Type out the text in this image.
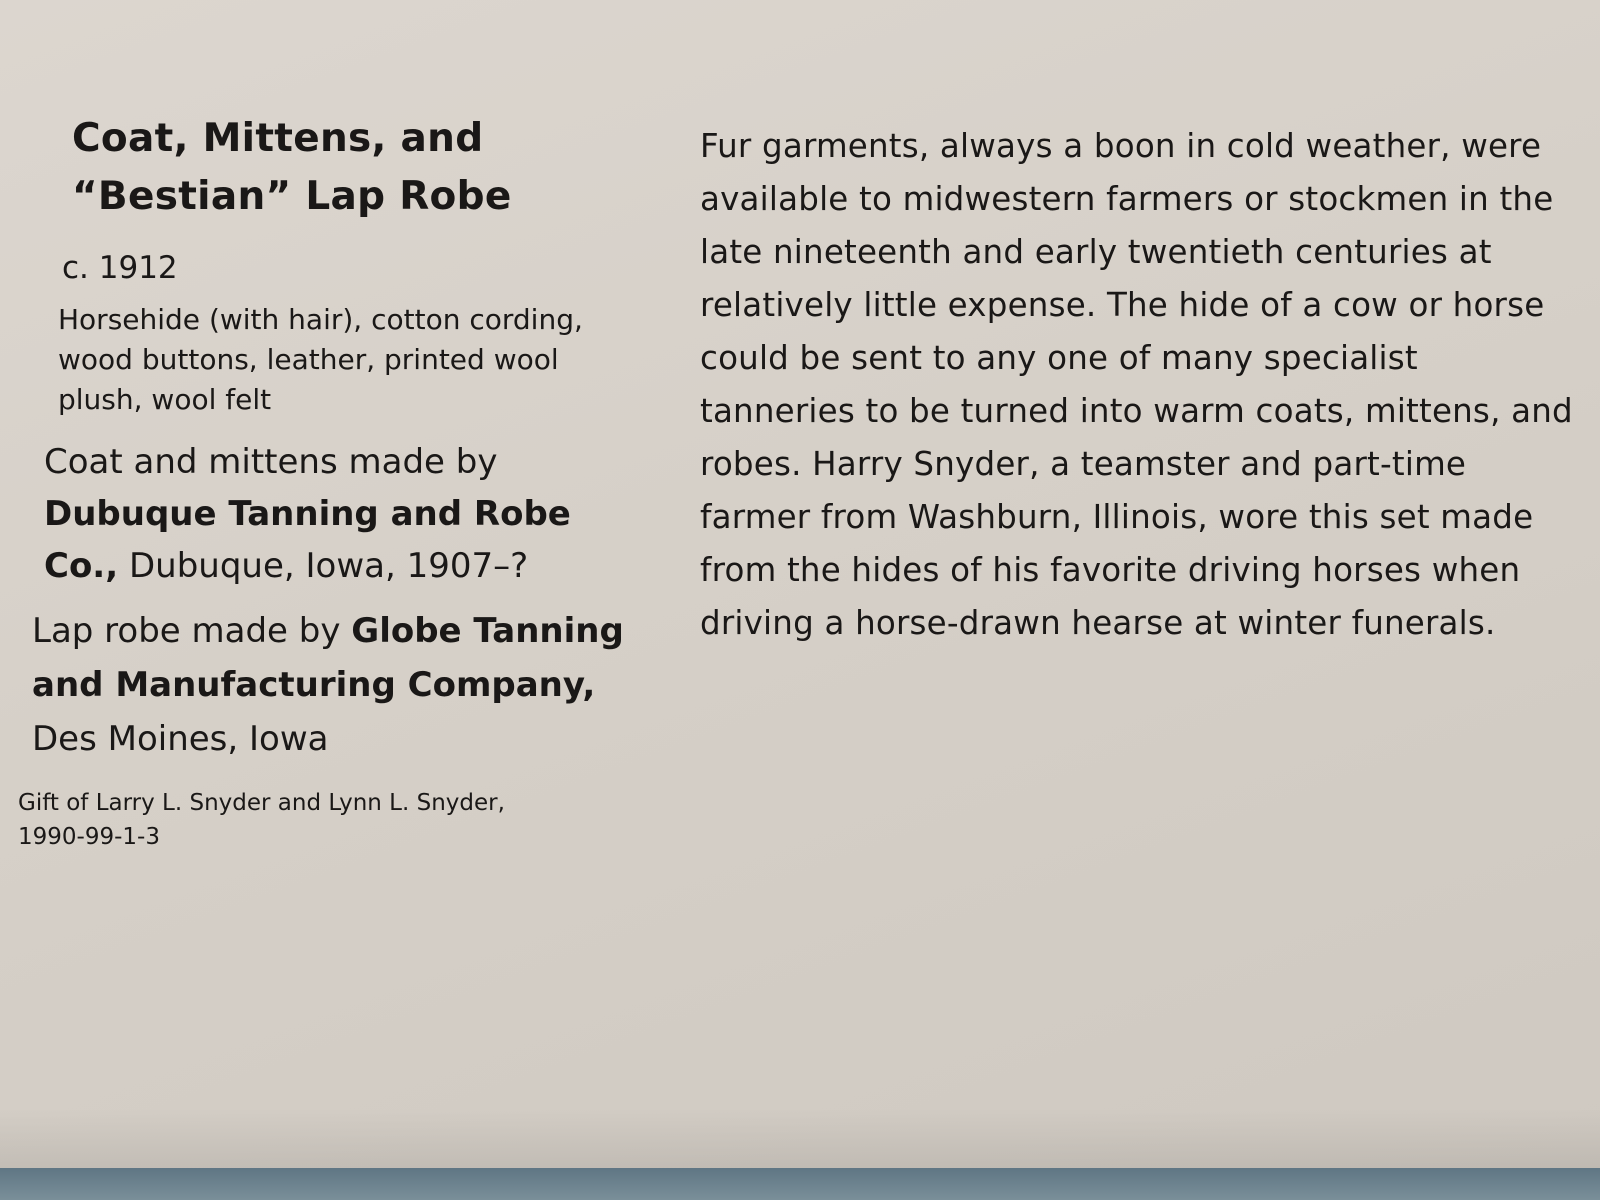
Coat, Mittens, and
“Bestian” Lap Robe
c. 1912
Horsehide (with hair), cotton cording, wood buttons, leather, printed wool plush, wool felt
Coat and mittens made by Dubuque Tanning and Robe Co., Dubuque, Iowa, 1907–?
Lap robe made by Globe Tanning and Manufacturing Company, Des Moines, Iowa
Gift of Larry L. Snyder and Lynn L. Snyder, 1990-99-1-3

Fur garments, always a boon in cold weather, were available to midwestern farmers or stockmen in the late nineteenth and early twentieth centuries at relatively little expense. The hide of a cow or horse could be sent to any one of many specialist tanneries to be turned into warm coats, mittens, and robes. Harry Snyder, a teamster and part-time farmer from Washburn, Illinois, wore this set made from the hides of his favorite driving horses when driving a horse-drawn hearse at winter funerals.
